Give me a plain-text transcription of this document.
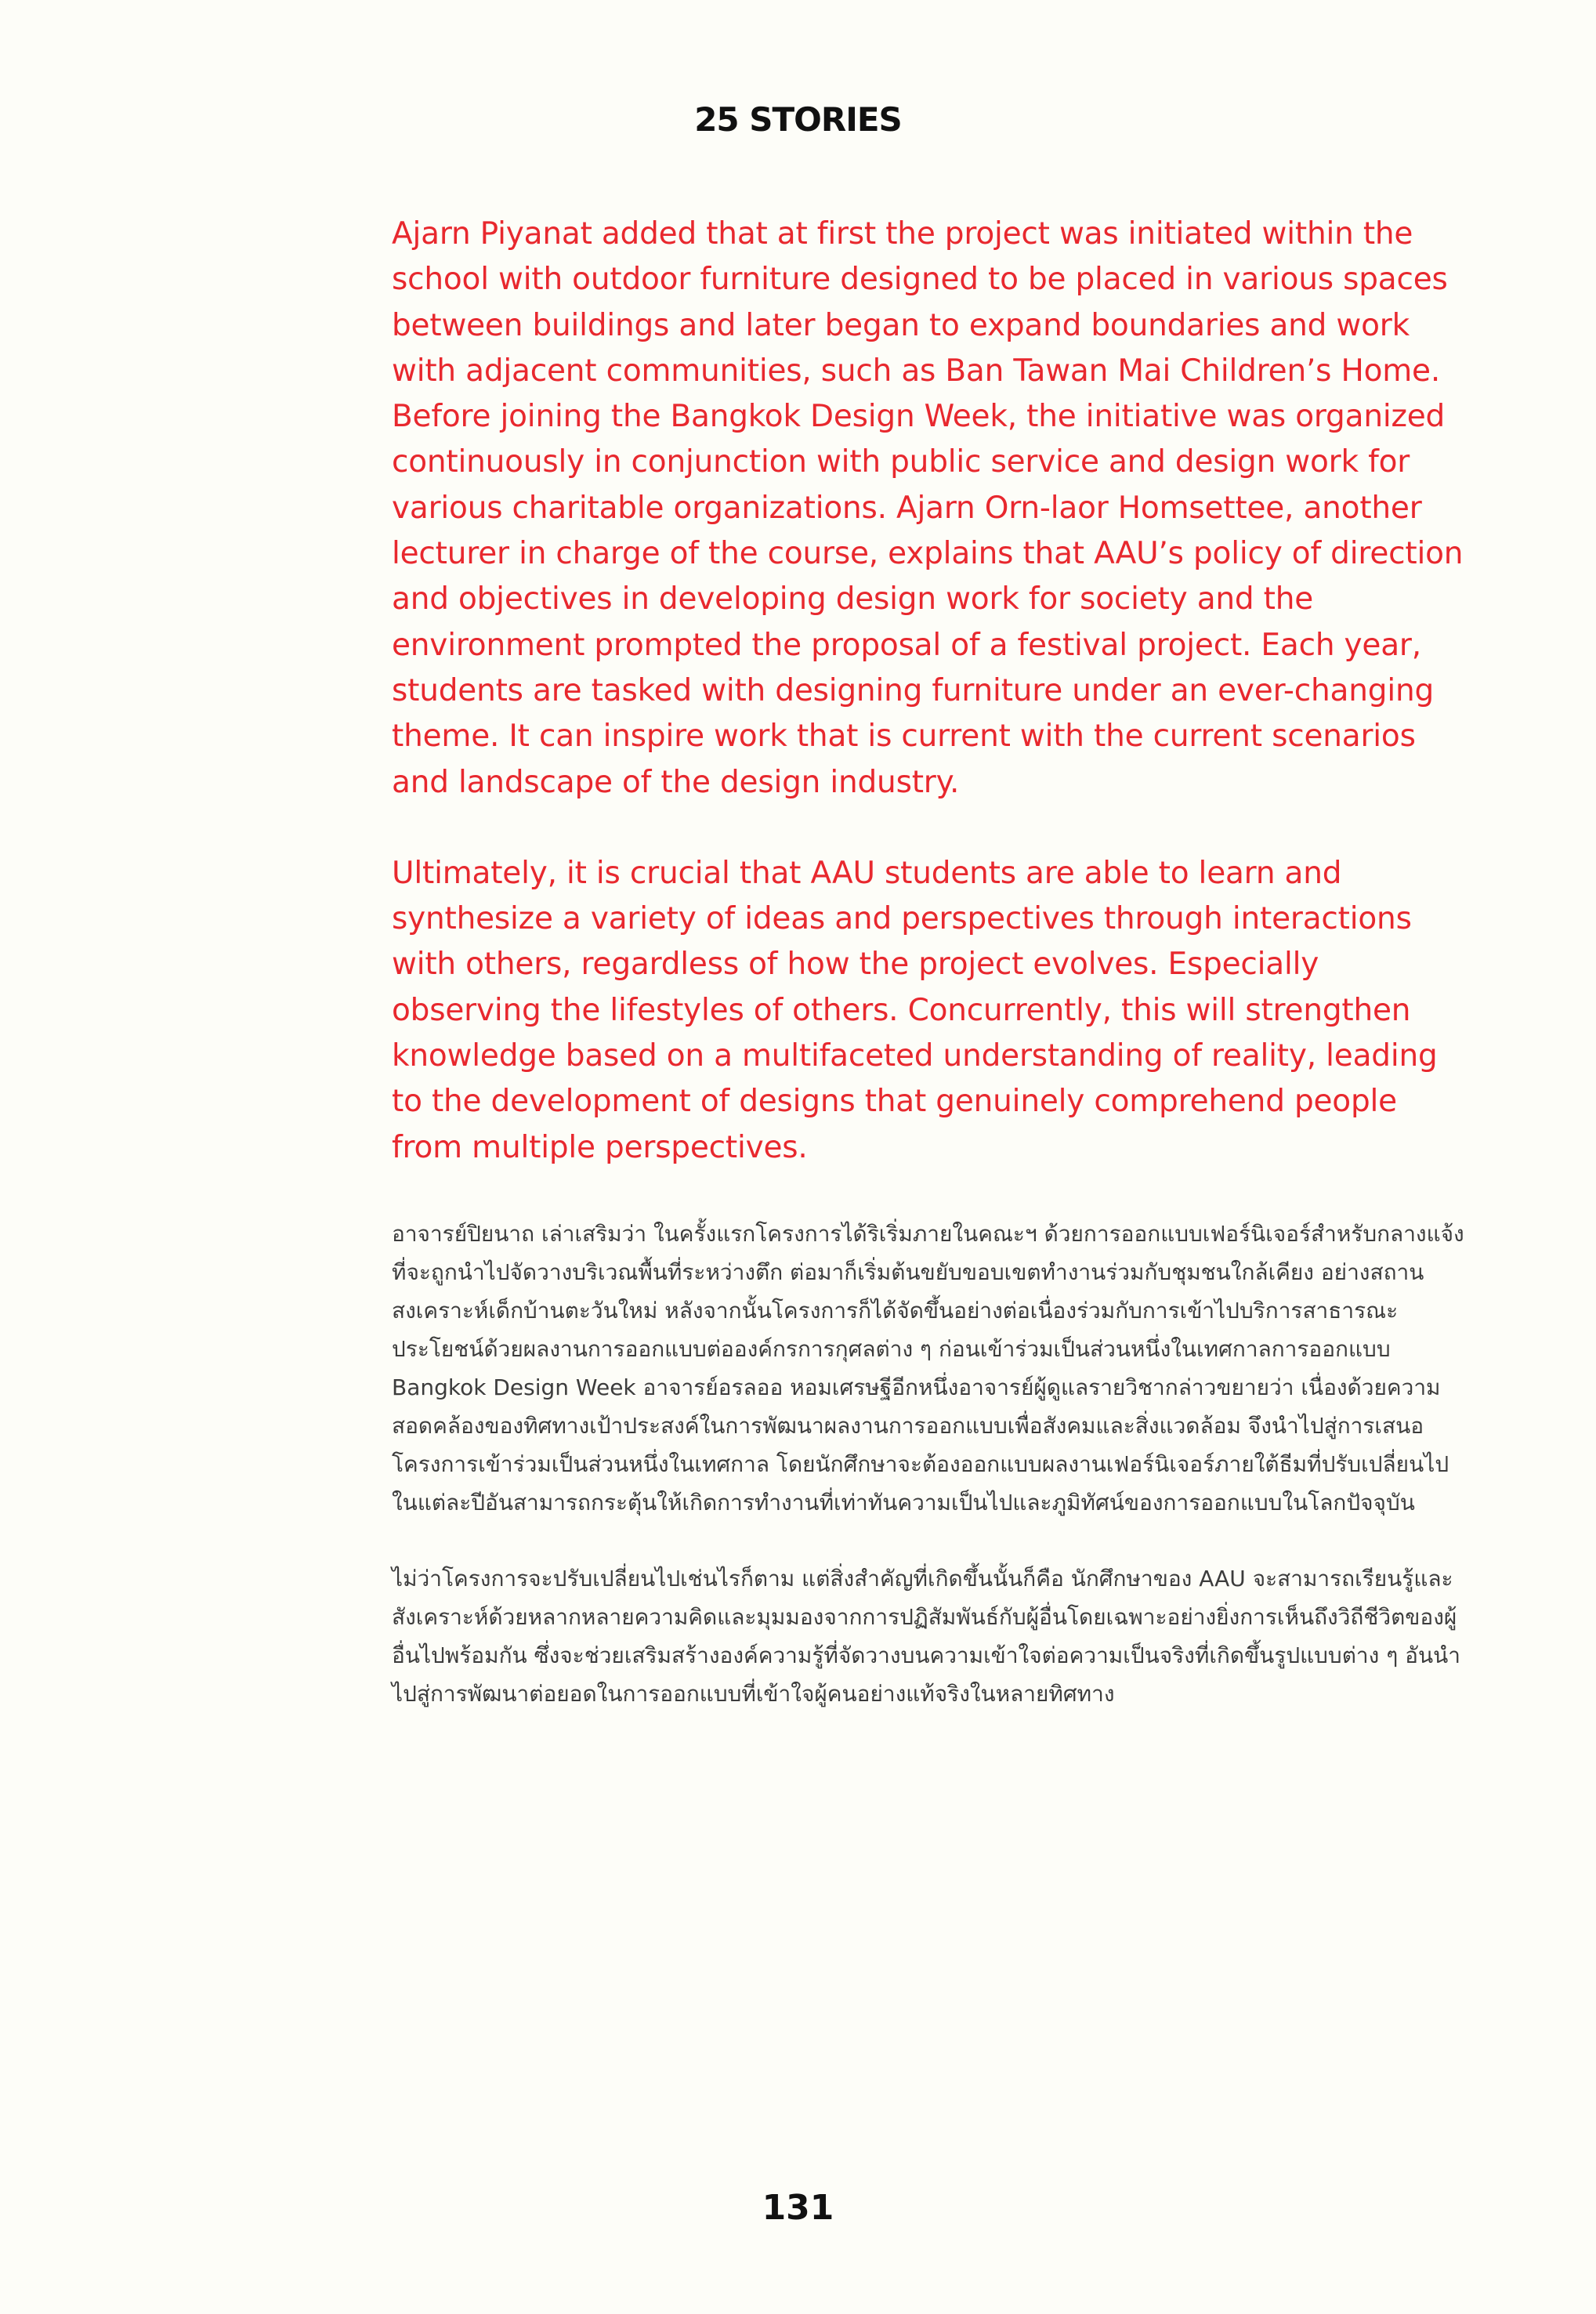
25 STORIES

Ajarn Piyanat added that at first the project was initiated within the school with outdoor furniture designed to be placed in various spaces between buildings and later began to expand boundaries and work with adjacent communities, such as Ban Tawan Mai Children’s Home. Before joining the Bangkok Design Week, the initiative was organized continuously in conjunction with public service and design work for various charitable organizations. Ajarn Orn-laor Homsettee, another lecturer in charge of the course, explains that AAU’s policy of direction and objectives in developing design work for society and the environment prompted the proposal of a festival project. Each year, students are tasked with designing furniture under an ever-changing theme. It can inspire work that is current with the current scenarios and landscape of the design industry.

Ultimately, it is crucial that AAU students are able to learn and synthesize a variety of ideas and perspectives through interactions with others, regardless of how the project evolves. Especially observing the lifestyles of others. Concurrently, this will strengthen knowledge based on a multifaceted understanding of reality, leading to the development of designs that genuinely comprehend people from multiple perspectives.

อาจารย์ปิยนาถ เล่าเสริมว่า ในครั้งแรกโครงการได้ริเริ่มภายในคณะฯ ด้วยการออกแบบเฟอร์นิเจอร์สำหรับกลางแจ้งที่จะถูกนำไปจัดวางบริเวณพื้นที่ระหว่างตึก ต่อมาก็เริ่มต้นขยับขอบเขตทำงานร่วมกับชุมชนใกล้เคียง อย่างสถานสงเคราะห์เด็กบ้านตะวันใหม่ หลังจากนั้นโครงการก็ได้จัดขึ้นอย่างต่อเนื่องร่วมกับการเข้าไปบริการสาธารณะประโยชน์ด้วยผลงานการออกแบบต่อองค์กรการกุศลต่าง ๆ ก่อนเข้าร่วมเป็นส่วนหนึ่งในเทศกาลการออกแบบ Bangkok Design Week อาจารย์อรลออ หอมเศรษฐีอีกหนึ่งอาจารย์ผู้ดูแลรายวิชากล่าวขยายว่า เนื่องด้วยความสอดคล้องของทิศทางเป้าประสงค์ในการพัฒนาผลงานการออกแบบเพื่อสังคมและสิ่งแวดล้อม จึงนำไปสู่การเสนอโครงการเข้าร่วมเป็นส่วนหนึ่งในเทศกาล โดยนักศึกษาจะต้องออกแบบผลงานเฟอร์นิเจอร์ภายใต้ธีมที่ปรับเปลี่ยนไปในแต่ละปีอันสามารถกระตุ้นให้เกิดการทำงานที่เท่าทันความเป็นไปและภูมิทัศน์ของการออกแบบในโลกปัจจุบัน

ไม่ว่าโครงการจะปรับเปลี่ยนไปเช่นไรก็ตาม แต่สิ่งสำคัญที่เกิดขึ้นนั้นก็คือ นักศึกษาของ AAU จะสามารถเรียนรู้และสังเคราะห์ด้วยหลากหลายความคิดและมุมมองจากการปฏิสัมพันธ์กับผู้อื่นโดยเฉพาะอย่างยิ่งการเห็นถึงวิถีชีวิตของผู้อื่นไปพร้อมกัน ซึ่งจะช่วยเสริมสร้างองค์ความรู้ที่จัดวางบนความเข้าใจต่อความเป็นจริงที่เกิดขึ้นรูปแบบต่าง ๆ อันนำไปสู่การพัฒนาต่อยอดในการออกแบบที่เข้าใจผู้คนอย่างแท้จริงในหลายทิศทาง

131
